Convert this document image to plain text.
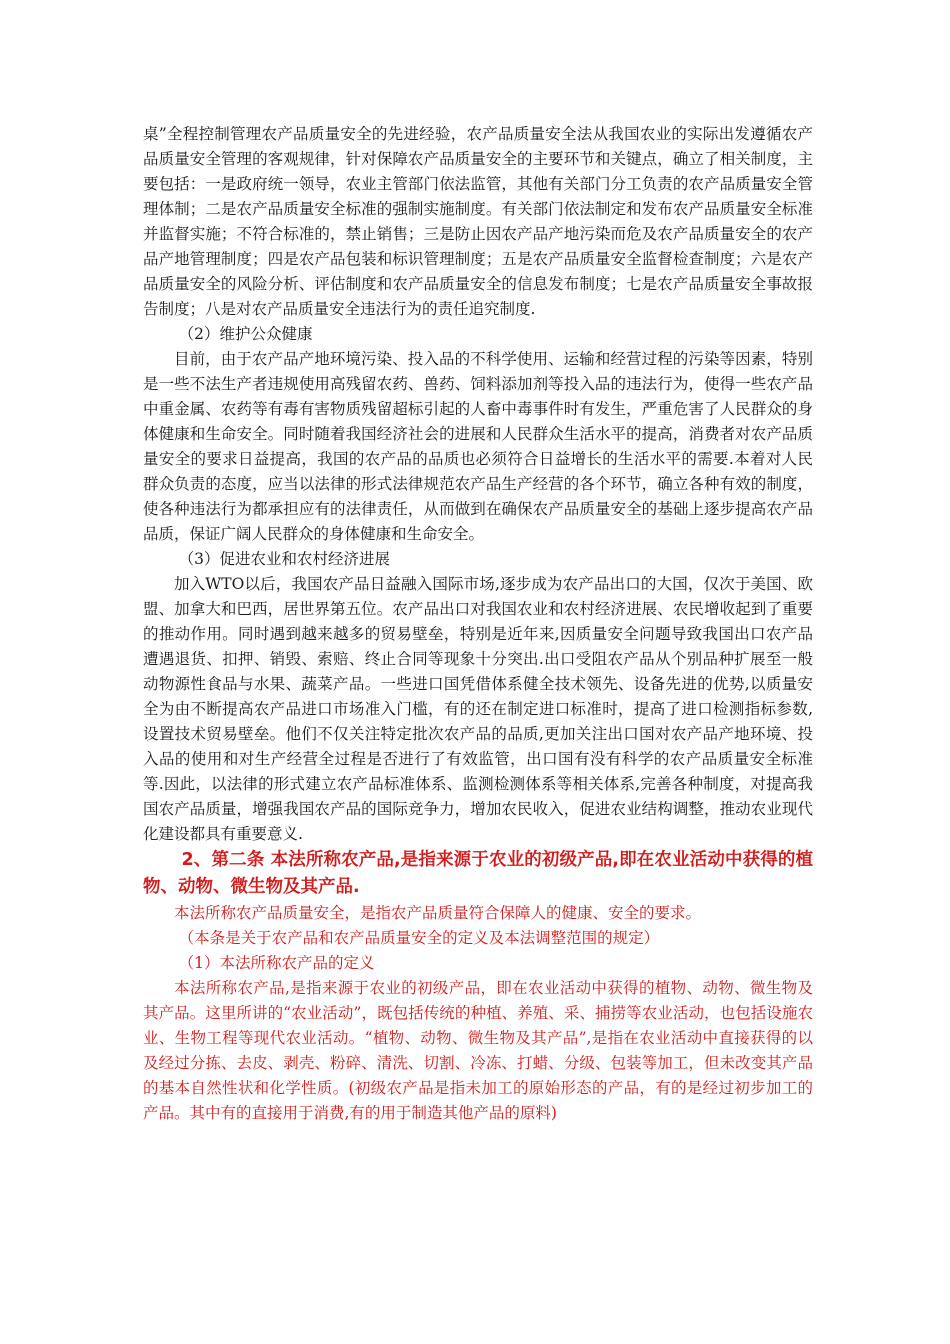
桌”全程控制管理农产品质量安全的先进经验，农产品质量安全法从我国农业的实际出发遵循农产品质量安全管理的客观规律，针对保障农产品质量安全的主要环节和关键点，确立了相关制度，主要包括：一是政府统一领导，农业主管部门依法监管，其他有关部门分工负责的农产品质量安全管理体制；二是农产品质量安全标准的强制实施制度。有关部门依法制定和发布农产品质量安全标准并监督实施；不符合标准的，禁止销售；三是防止因农产品产地污染而危及农产品质量安全的农产品产地管理制度；四是农产品包装和标识管理制度；五是农产品质量安全监督检查制度；六是农产品质量安全的风险分析、评估制度和农产品质量安全的信息发布制度；七是农产品质量安全事故报告制度；八是对农产品质量安全违法行为的责任追究制度.

（2）维护公众健康

目前，由于农产品产地环境污染、投入品的不科学使用、运输和经营过程的污染等因素，特别是一些不法生产者违规使用高残留农药、兽药、饲料添加剂等投入品的违法行为，使得一些农产品中重金属、农药等有毒有害物质残留超标引起的人畜中毒事件时有发生，严重危害了人民群众的身体健康和生命安全。同时随着我国经济社会的进展和人民群众生活水平的提高，消费者对农产品质量安全的要求日益提高，我国的农产品的品质也必须符合日益增长的生活水平的需要.本着对人民群众负责的态度，应当以法律的形式法律规范农产品生产经营的各个环节，确立各种有效的制度，使各种违法行为都承担应有的法律责任，从而做到在确保农产品质量安全的基础上逐步提高农产品品质，保证广阔人民群众的身体健康和生命安全。

（3）促进农业和农村经济进展

加入WTO以后，我国农产品日益融入国际市场,逐步成为农产品出口的大国，仅次于美国、欧盟、加拿大和巴西，居世界第五位。农产品出口对我国农业和农村经济进展、农民增收起到了重要的推动作用。同时遇到越来越多的贸易壁垒，特别是近年来,因质量安全问题导致我国出口农产品遭遇退货、扣押、销毁、索赔、终止合同等现象十分突出.出口受阻农产品从个别品种扩展至一般动物源性食品与水果、蔬菜产品。一些进口国凭借体系健全技术领先、设备先进的优势,以质量安全为由不断提高农产品进口市场准入门槛，有的还在制定进口标准时，提高了进口检测指标参数,设置技术贸易壁垒。他们不仅关注特定批次农产品的品质,更加关注出口国对农产品产地环境、投入品的使用和对生产经营全过程是否进行了有效监管，出口国有没有科学的农产品质量安全标准等.因此，以法律的形式建立农产品标准体系、监测检测体系等相关体系,完善各种制度，对提高我国农产品质量，增强我国农产品的国际竞争力，增加农民收入，促进农业结构调整，推动农业现代化建设都具有重要意义.

2、第二条 本法所称农产品,是指来源于农业的初级产品,即在农业活动中获得的植物、动物、微生物及其产品.

本法所称农产品质量安全，是指农产品质量符合保障人的健康、安全的要求。

（本条是关于农产品和农产品质量安全的定义及本法调整范围的规定）

（1）本法所称农产品的定义

本法所称农产品,是指来源于农业的初级产品，即在农业活动中获得的植物、动物、微生物及其产品。这里所讲的“农业活动”，既包括传统的种植、养殖、采、捕捞等农业活动，也包括设施农业、生物工程等现代农业活动。“植物、动物、微生物及其产品”,是指在农业活动中直接获得的以及经过分拣、去皮、剥壳、粉碎、清洗、切割、冷冻、打蜡、分级、包装等加工，但未改变其产品的基本自然性状和化学性质。(初级农产品是指未加工的原始形态的产品，有的是经过初步加工的产品。其中有的直接用于消费,有的用于制造其他产品的原料)
